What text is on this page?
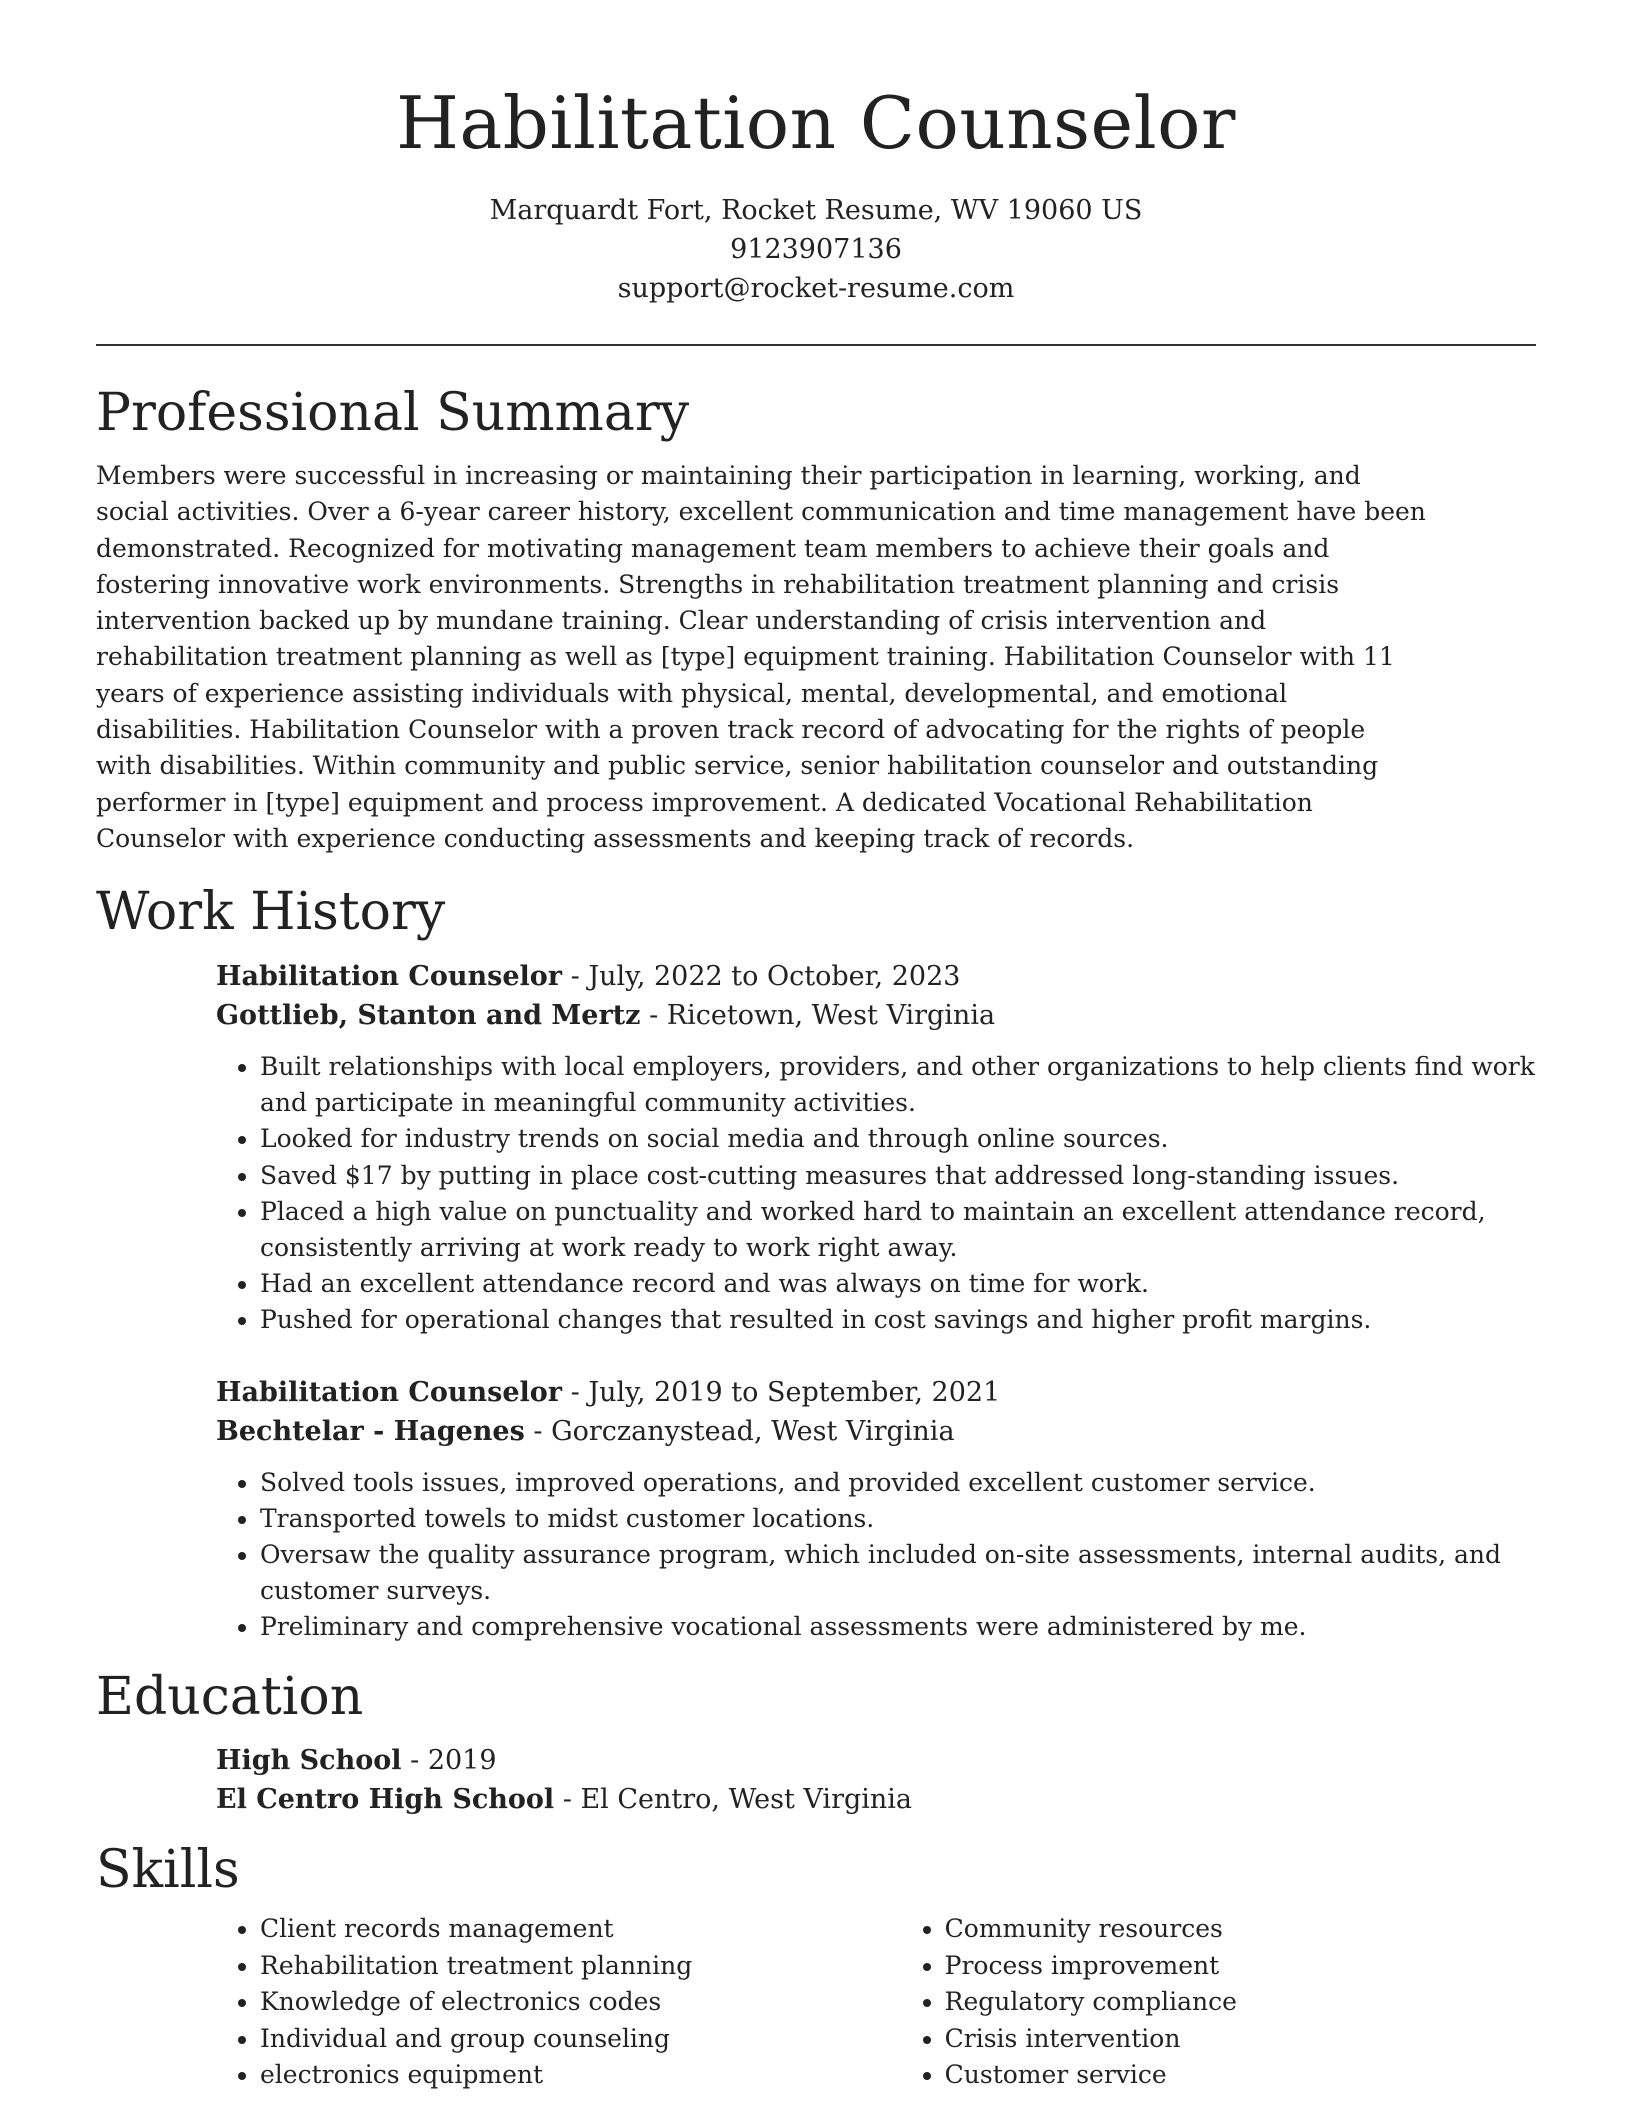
Habilitation Counselor
Marquardt Fort, Rocket Resume, WV 19060 US
9123907136
support@rocket-resume.com
Professional Summary

Members were successful in increasing or maintaining their participation in learning, working, and social activities. Over a 6-year career history, excellent communication and time management have been demonstrated. Recognized for motivating management team members to achieve their goals and fostering innovative work environments. Strengths in rehabilitation treatment planning and crisis intervention backed up by mundane training. Clear understanding of crisis intervention and rehabilitation treatment planning as well as [type] equipment training. Habilitation Counselor with 11 years of experience assisting individuals with physical, mental, developmental, and emotional disabilities. Habilitation Counselor with a proven track record of advocating for the rights of people with disabilities. Within community and public service, senior habilitation counselor and outstanding performer in [type] equipment and process improvement. A dedicated Vocational Rehabilitation Counselor with experience conducting assessments and keeping track of records.

Work History
Habilitation Counselor - July, 2022 to October, 2023
Gottlieb, Stanton and Mertz - Ricetown, West Virginia
• Built relationships with local employers, providers, and other organizations to help clients find work and participate in meaningful community activities.
• Looked for industry trends on social media and through online sources.
• Saved $17 by putting in place cost-cutting measures that addressed long-standing issues.
• Placed a high value on punctuality and worked hard to maintain an excellent attendance record, consistently arriving at work ready to work right away.
• Had an excellent attendance record and was always on time for work.
• Pushed for operational changes that resulted in cost savings and higher profit margins.
Habilitation Counselor - July, 2019 to September, 2021
Bechtelar - Hagenes - Gorczanystead, West Virginia
• Solved tools issues, improved operations, and provided excellent customer service.
• Transported towels to midst customer locations.
• Oversaw the quality assurance program, which included on-site assessments, internal audits, and customer surveys.
• Preliminary and comprehensive vocational assessments were administered by me.
Education
High School - 2019
El Centro High School - El Centro, West Virginia
Skills
• Client records management
• Rehabilitation treatment planning
• Knowledge of electronics codes
• Individual and group counseling
• electronics equipment
• Community resources
• Process improvement
• Regulatory compliance
• Crisis intervention
• Customer service
